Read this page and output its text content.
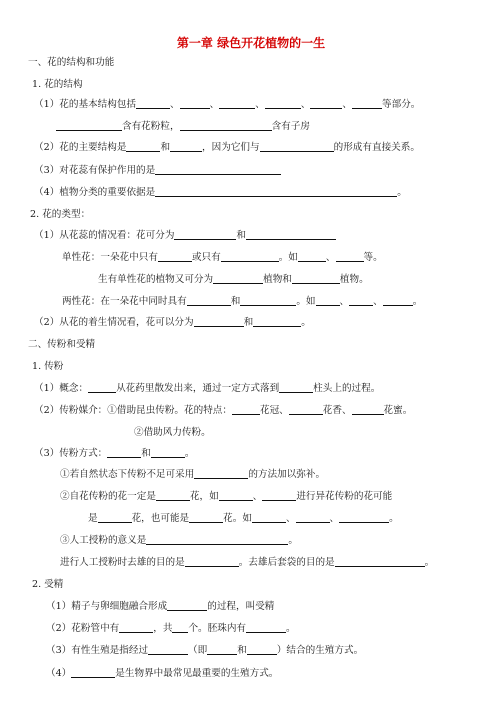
第一章 绿色开花植物的一生
一、花的结构和功能
1. 花的结构
（1）花的基本结构包括	、	、	、	、	、	等部分。
含有花粉粒，	含有子房
（2）花的主要结构是	和	，因为它们与	的形成有直接关系。
（3）对花蕊有保护作用的是
（4）植物分类的重要依据是	。
2. 花的类型：
（1）从花蕊的情况看：花可分为	和
单性花：一朵花中只有	或只有	。如	、	等。
生有单性花的植物又可分为	植物和	植物。
两性花：在一朵花中同时具有	和	。如	、	、	。
（2）从花的着生情况看，花可以分为	和	。
二、传粉和受精
1. 传粉
（1）概念：	从花药里散发出来，通过一定方式落到	柱头上的过程。
（2）传粉媒介：①借助昆虫传粉。花的特点：	花冠、	花香、	花蜜。
②借助风力传粉。
（3）传粉方式：	和	。
①若自然状态下传粉不足可采用	的方法加以弥补。
②自花传粉的花一定是	花，如	、	进行异花传粉的花可能
是	花，也可能是	花。如	、	、	。
③人工授粉的意义是	。
进行人工授粉时去雄的目的是	。去雄后套袋的目的是	。
2. 受精
（1）精子与卵细胞融合形成	的过程，叫受精
（2）花粉管中有	，共 个。胚珠内有	。
（3）有性生殖是指经过	（即	和	）结合的生殖方式。
（4）	是生物界中最常见最重要的生殖方式。
